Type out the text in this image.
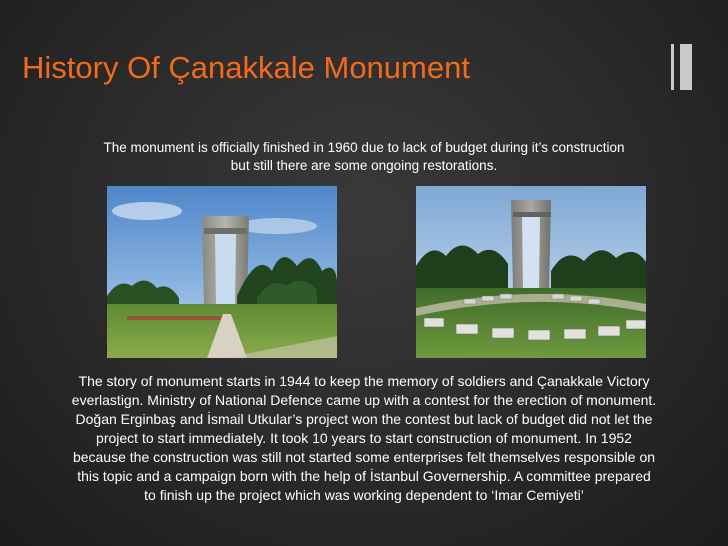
History Of Çanakkale Monument
The monument is officially finished in 1960 due to lack of budget during it’s construction
but still there are some ongoing restorations.
The story of monument starts in 1944 to keep the memory of soldiers and Çanakkale Victory
everlastign. Ministry of National Defence came up with a contest for the erection of monument.
Doğan Erginbaş and İsmail Utkular’s project won the contest but lack of budget did not let the
project to start immediately. It took 10 years to start construction of monument. In 1952
because the construction was still not started some enterprises felt themselves responsible on
this topic and a campaign born with the help of İstanbul Governership. A committee prepared
to finish up the project which was working dependent to ‘Imar Cemiyeti’
